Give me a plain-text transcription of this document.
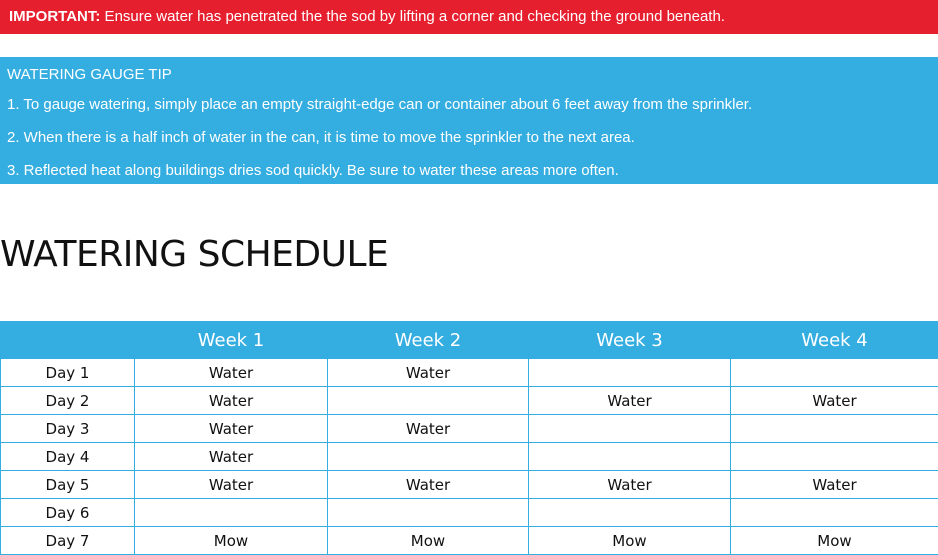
IMPORTANT: Ensure water has penetrated the the sod by lifting a corner and checking the ground beneath.
WATERING GAUGE TIP
1. To gauge watering, simply place an empty straight-edge can or container about 6 feet away from the sprinkler.
2. When there is a half inch of water in the can, it is time to move the sprinkler to the next area.
3. Reflected heat along buildings dries sod quickly. Be sure to water these areas more often.
WATERING SCHEDULE
	Week 1	Week 2	Week 3	Week 4
Day 1	Water	Water		
Day 2	Water		Water	Water
Day 3	Water	Water		
Day 4	Water			
Day 5	Water	Water	Water	Water
Day 6				
Day 7	Mow	Mow	Mow	Mow
